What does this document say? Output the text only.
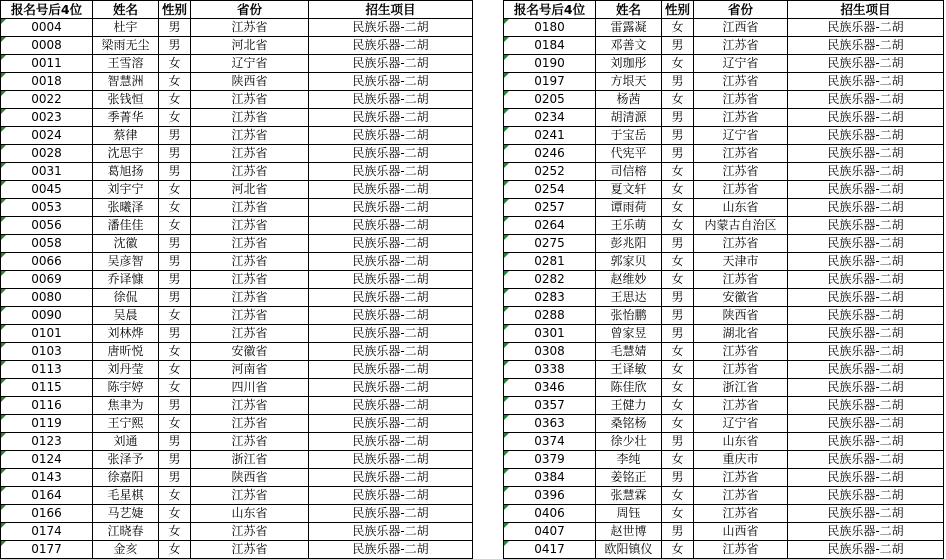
报名号后4位	姓名	性别	省份	招生项目
0004	杜宇	男	江苏省	民族乐器-二胡
0008	梁雨无尘	男	河北省	民族乐器-二胡
0011	王雪溶	女	辽宁省	民族乐器-二胡
0018	智慧洲	女	陕西省	民族乐器-二胡
0022	张钱恒	女	江苏省	民族乐器-二胡
0023	季菁华	女	江苏省	民族乐器-二胡
0024	蔡律	男	江苏省	民族乐器-二胡
0028	沈思宇	男	江苏省	民族乐器-二胡
0031	葛旭扬	男	江苏省	民族乐器-二胡
0045	刘宇宁	女	河北省	民族乐器-二胡
0053	张曦泽	女	江苏省	民族乐器-二胡
0056	潘佳佳	女	江苏省	民族乐器-二胡
0058	沈徽	男	江苏省	民族乐器-二胡
0066	吴彦智	男	江苏省	民族乐器-二胡
0069	乔译慷	男	江苏省	民族乐器-二胡
0080	徐侃	男	江苏省	民族乐器-二胡
0090	吴晨	女	江苏省	民族乐器-二胡
0101	刘林烨	男	江苏省	民族乐器-二胡
0103	唐昕悦	女	安徽省	民族乐器-二胡
0113	刘丹莹	女	河南省	民族乐器-二胡
0115	陈宇婷	女	四川省	民族乐器-二胡
0116	焦聿为	男	江苏省	民族乐器-二胡
0119	王宁熙	女	江苏省	民族乐器-二胡
0123	刘通	男	江苏省	民族乐器-二胡
0124	张泽予	男	浙江省	民族乐器-二胡
0143	徐嘉阳	男	陕西省	民族乐器-二胡
0164	毛星棋	女	江苏省	民族乐器-二胡
0166	马艺婕	女	山东省	民族乐器-二胡
0174	江晓春	女	江苏省	民族乐器-二胡
0177	金亥	女	江苏省	民族乐器-二胡
报名号后4位	姓名	性别	省份	招生项目
0180	雷露凝	女	江西省	民族乐器-二胡
0184	邓善文	男	江苏省	民族乐器-二胡
0190	刘珈彤	女	辽宁省	民族乐器-二胡
0197	方垠天	男	江苏省	民族乐器-二胡
0205	杨茜	女	江苏省	民族乐器-二胡
0234	胡清源	男	江苏省	民族乐器-二胡
0241	于宝岳	男	辽宁省	民族乐器-二胡
0246	代宪平	男	江苏省	民族乐器-二胡
0252	司信榕	女	江苏省	民族乐器-二胡
0254	夏文轩	女	江苏省	民族乐器-二胡
0257	谭雨荷	女	山东省	民族乐器-二胡
0264	王乐萌	女	内蒙古自治区	民族乐器-二胡
0275	彭兆阳	男	江苏省	民族乐器-二胡
0281	郭家贝	女	天津市	民族乐器-二胡
0282	赵维妙	女	江苏省	民族乐器-二胡
0283	王思达	男	安徽省	民族乐器-二胡
0288	张怡鹏	男	陕西省	民族乐器-二胡
0301	曾家昱	男	湖北省	民族乐器-二胡
0308	毛慧婧	女	江苏省	民族乐器-二胡
0338	王译敏	女	江苏省	民族乐器-二胡
0346	陈佳欣	女	浙江省	民族乐器-二胡
0357	王健力	女	江苏省	民族乐器-二胡
0363	桑铭杨	女	辽宁省	民族乐器-二胡
0374	徐少壮	男	山东省	民族乐器-二胡
0379	李纯	女	重庆市	民族乐器-二胡
0384	姜铭正	男	江苏省	民族乐器-二胡
0396	张慧霖	女	江苏省	民族乐器-二胡
0406	周钰	女	江苏省	民族乐器-二胡
0407	赵世博	男	山西省	民族乐器-二胡
0417	欧阳镇仪	女	江苏省	民族乐器-二胡
